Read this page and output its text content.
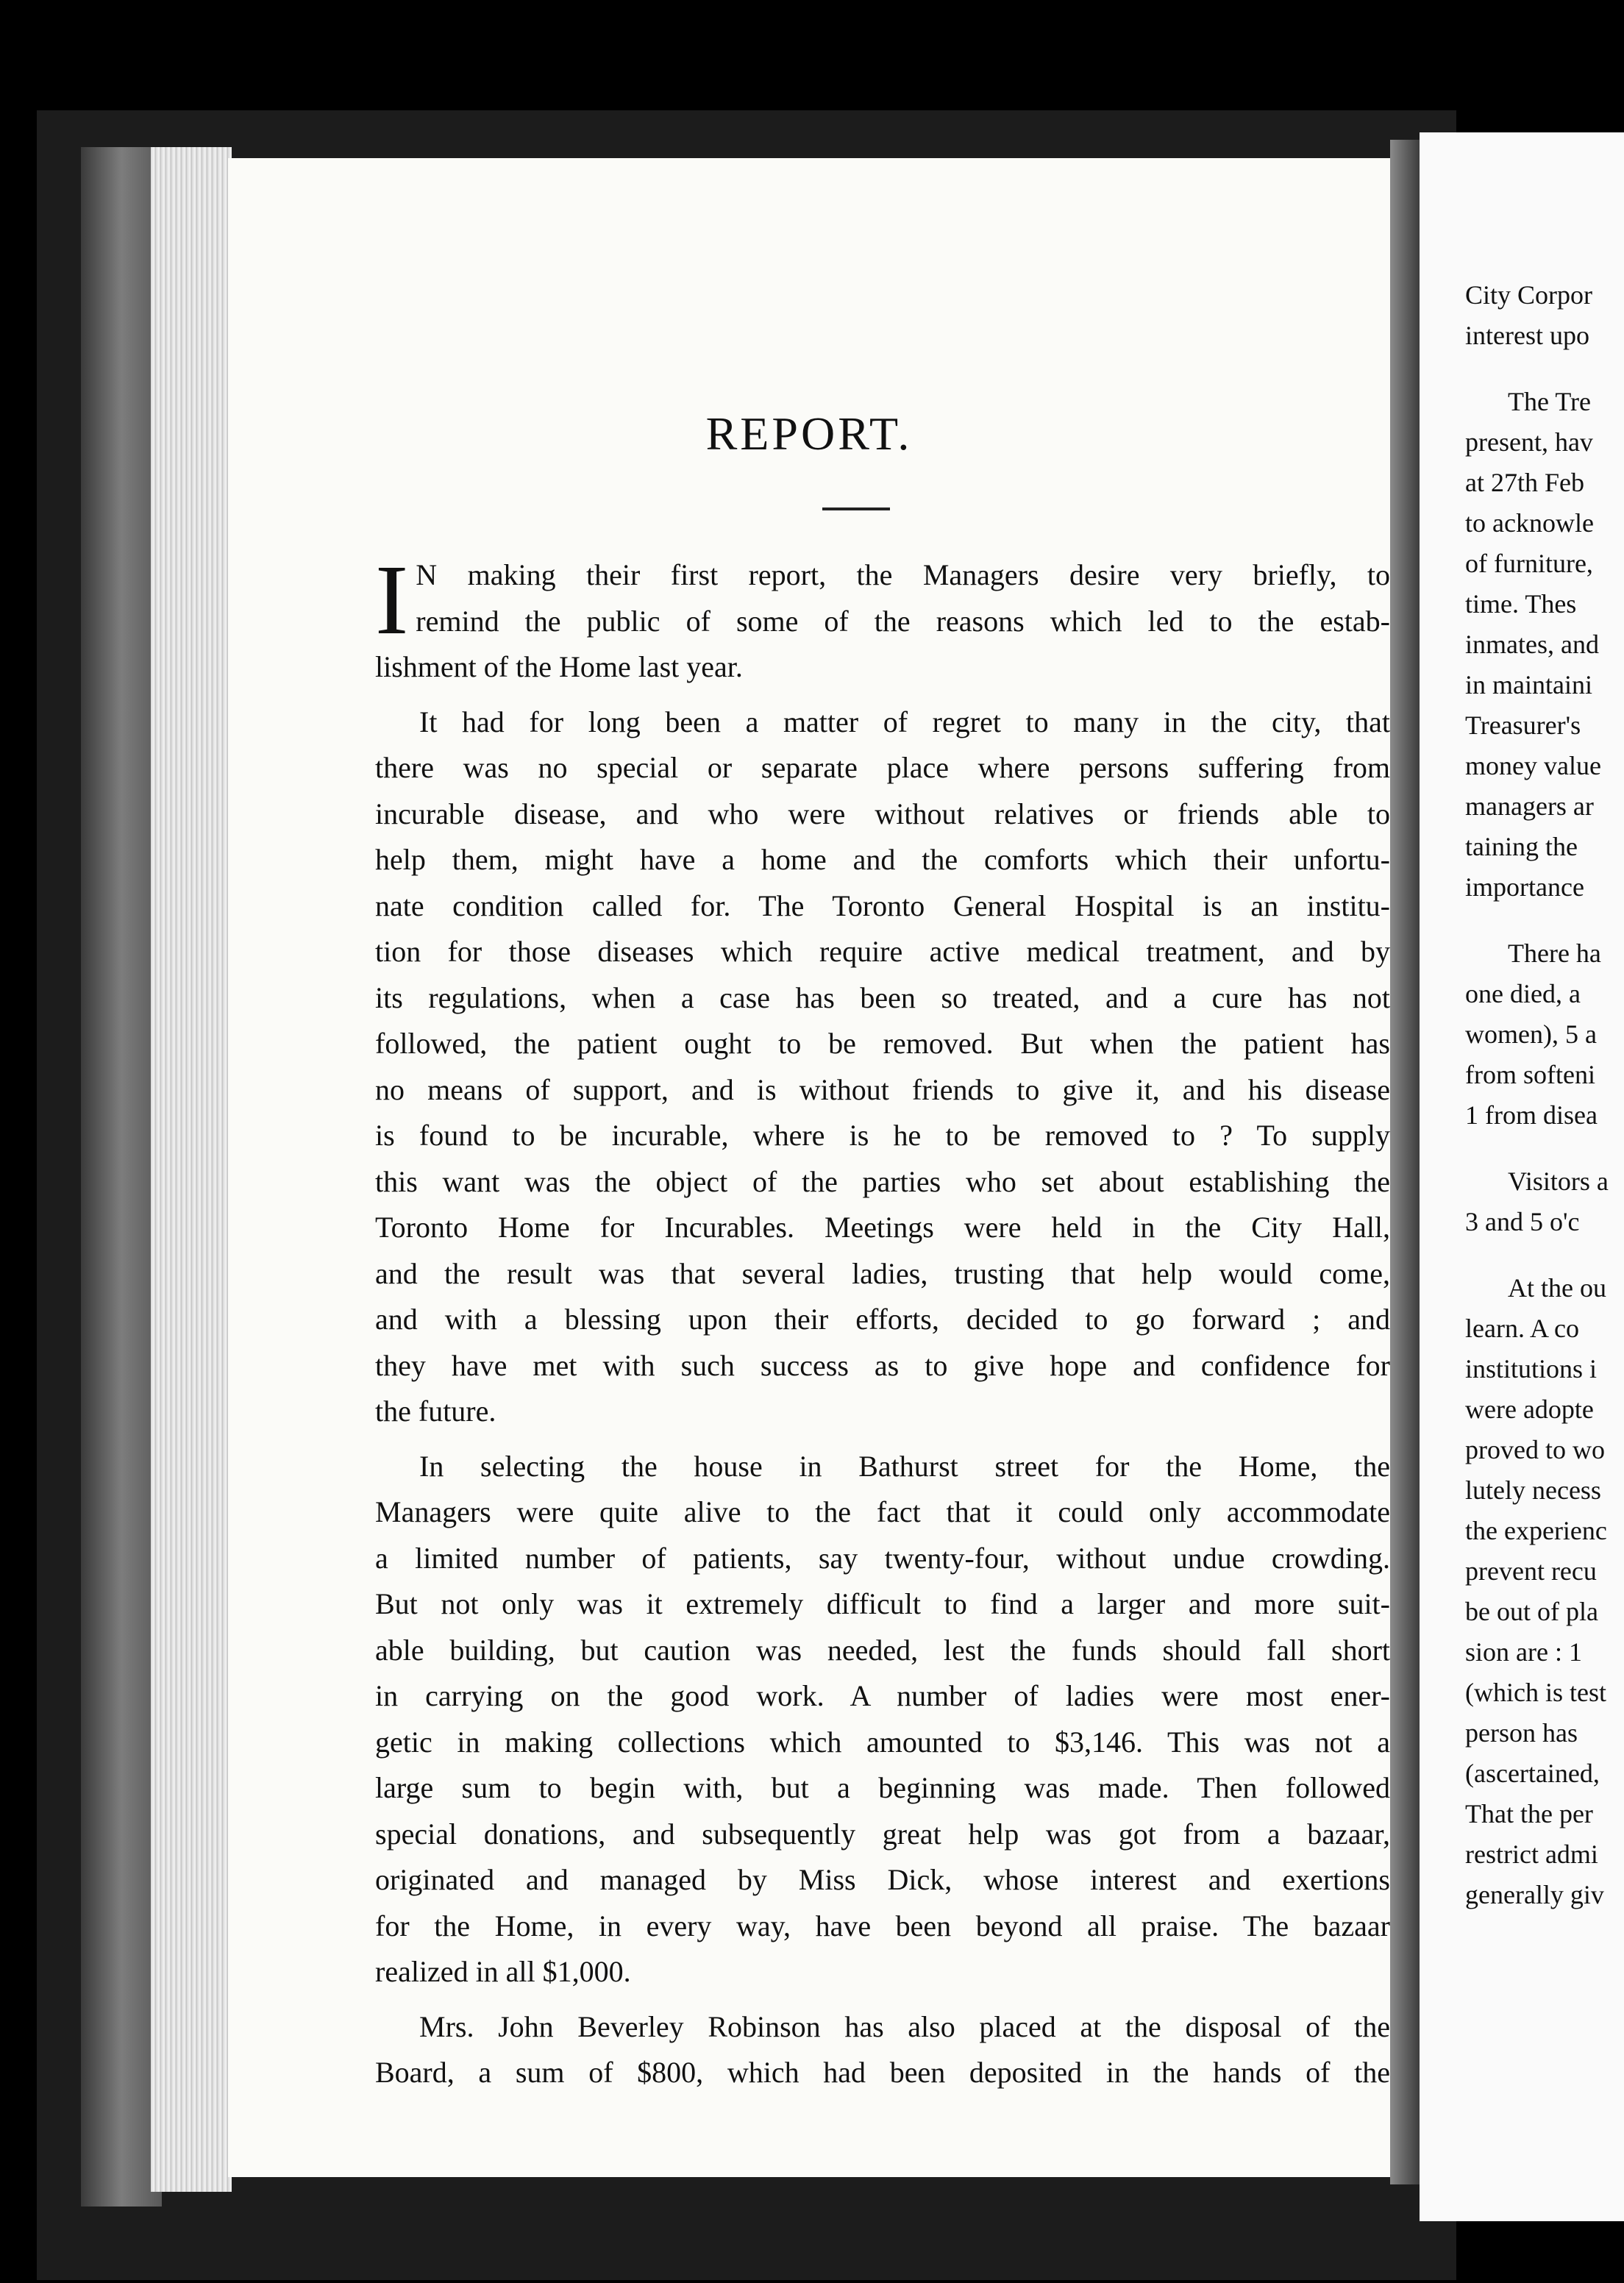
REPORT.
I N making their first report, the Managers desire very briefly, to
remind the public of some of the reasons which led to the estab-
lishment of the Home last year.
It had for long been a matter of regret to many in the city, that
there was no special or separate place where persons suffering from
incurable disease, and who were without relatives or friends able to
help them, might have a home and the comforts which their unfortu-
nate condition called for. The Toronto General Hospital is an institu-
tion for those diseases which require active medical treatment, and by
its regulations, when a case has been so treated, and a cure has not
followed, the patient ought to be removed. But when the patient has
no means of support, and is without friends to give it, and his disease
is found to be incurable, where is he to be removed to ? To supply
this want was the object of the parties who set about establishing the
Toronto Home for Incurables. Meetings were held in the City Hall,
and the result was that several ladies, trusting that help would come,
and with a blessing upon their efforts, decided to go forward ; and
they have met with such success as to give hope and confidence for
the future.
In selecting the house in Bathurst street for the Home, the
Managers were quite alive to the fact that it could only accommodate
a limited number of patients, say twenty-four, without undue crowding.
But not only was it extremely difficult to find a larger and more suit-
able building, but caution was needed, lest the funds should fall short
in carrying on the good work. A number of ladies were most ener-
getic in making collections which amounted to $3,146. This was not a
large sum to begin with, but a beginning was made. Then followed
special donations, and subsequently great help was got from a bazaar,
originated and managed by Miss Dick, whose interest and exertions
for the Home, in every way, have been beyond all praise. The bazaar
realized in all $1,000.
Mrs. John Beverley Robinson has also placed at the disposal of the
Board, a sum of $800, which had been deposited in the hands of the
City Corpor
interest upo
The Tre
present, hav
at 27th Feb
to acknowle
of furniture,
time. Thes
inmates, and
in maintaini
Treasurer's
money value
managers ar
taining the
importance
There ha
one died, a
women), 5 a
from softeni
1 from disea
Visitors a
3 and 5 o'c
At the ou
learn. A co
institutions i
were adopte
proved to wo
lutely necess
the experienc
prevent recu
be out of pla
sion are : 1
(which is test
person has
(ascertained,
That the per
restrict admi
generally giv
